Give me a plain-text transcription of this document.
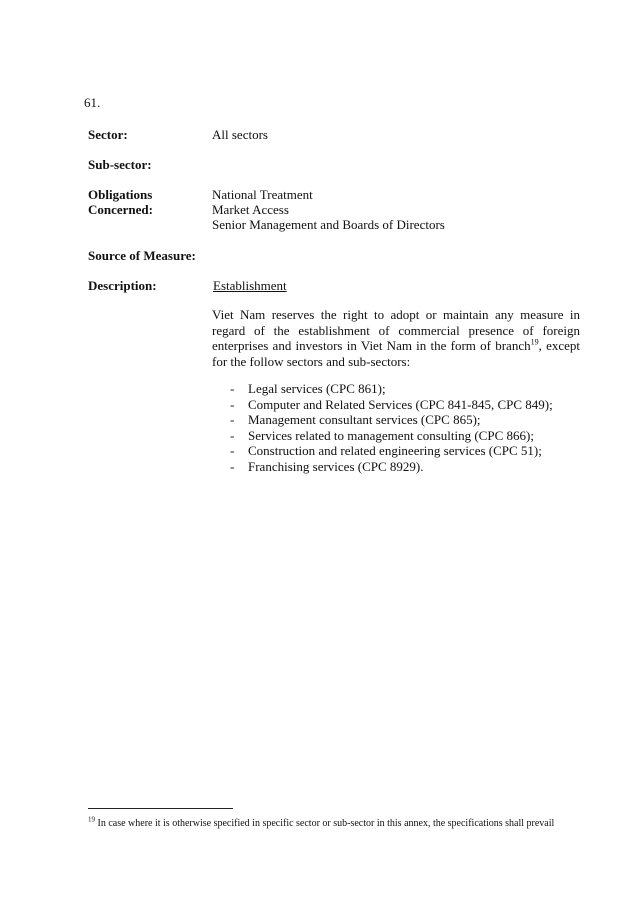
61.
Sector:	All sectors
Sub-sector:
Obligations
Concerned:
National Treatment
Market Access
Senior Management and Boards of Directors
Source of Measure:
Description:	Establishment
Viet Nam reserves the right to adopt or maintain any measure in regard of the establishment of commercial presence of foreign enterprises and investors in Viet Nam in the form of branch$^{19}$, except for the follow sectors and sub-sectors:
- Legal services (CPC 861);
- Computer and Related Services (CPC 841-845, CPC 849);
- Management consultant services (CPC 865);
- Services related to management consulting (CPC 866);
- Construction and related engineering services (CPC 51);
- Franchising services (CPC 8929).
$^{19}$ In case where it is otherwise specified in specific sector or sub-sector in this annex, the specifications shall prevail
